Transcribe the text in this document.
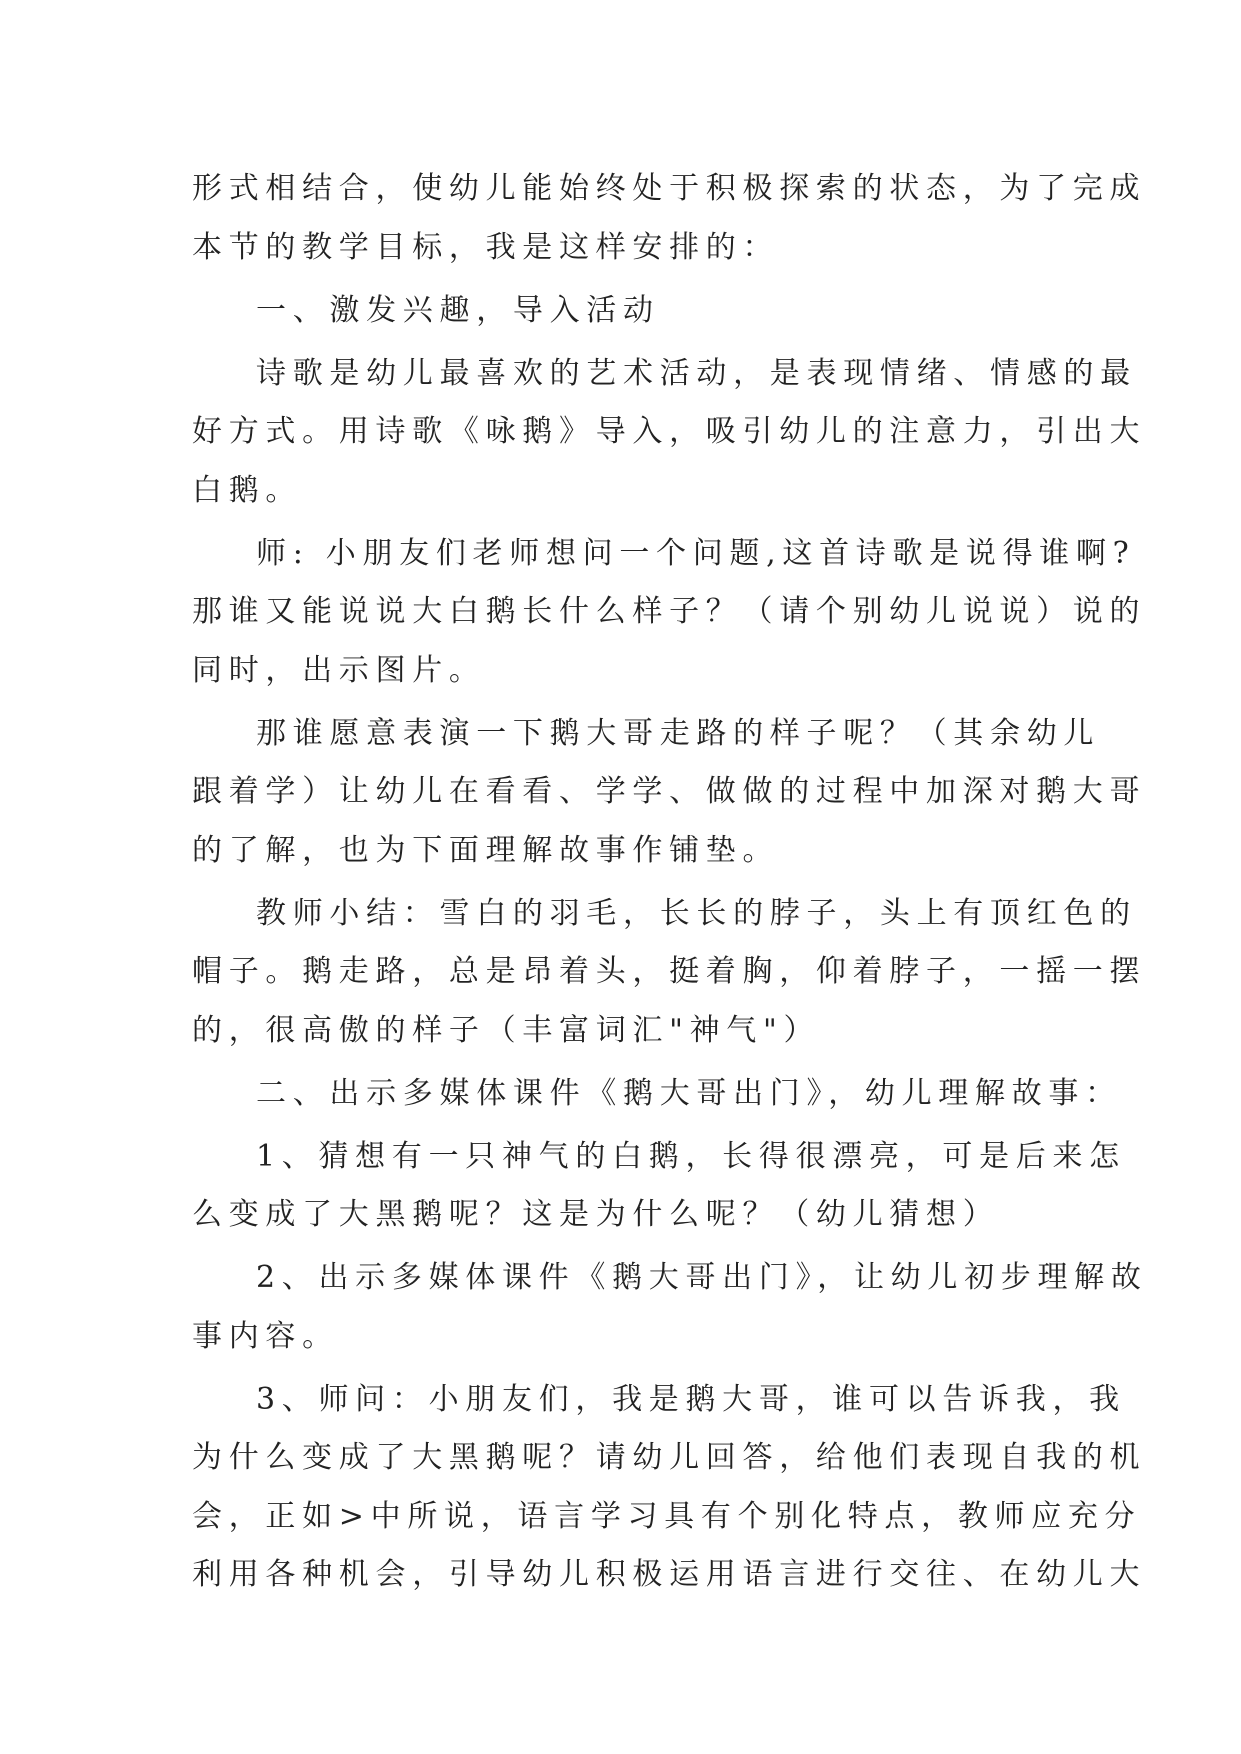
形式相结合，使幼儿能始终处于积极探索的状态，为了完成

本节的教学目标，我是这样安排的：

一、激发兴趣，导入活动

诗歌是幼儿最喜欢的艺术活动，是表现情绪、情感的最

好方式。用诗歌《咏鹅》导入，吸引幼儿的注意力，引出大

白鹅。

师: 小朋友们老师想问一个问题,这首诗歌是说得谁啊?

那谁又能说说大白鹅长什么样子？（请个别幼儿说说）说的

同时，出示图片。

那谁愿意表演一下鹅大哥走路的样子呢？（其余幼儿

跟着学）让幼儿在看看、学学、做做的过程中加深对鹅大哥

的了解，也为下面理解故事作铺垫。

教师小结：雪白的羽毛，长长的脖子，头上有顶红色的

帽子。鹅走路，总是昂着头，挺着胸，仰着脖子，一摇一摆

的，很高傲的样子（丰富词汇"神气"）

二、出示多媒体课件《鹅大哥出门》，幼儿理解故事：

1、猜想有一只神气的白鹅，长得很漂亮，可是后来怎

么变成了大黑鹅呢？这是为什么呢？（幼儿猜想）

2、出示多媒体课件《鹅大哥出门》，让幼儿初步理解故

事内容。

3、师问：小朋友们，我是鹅大哥，谁可以告诉我，我

为什么变成了大黑鹅呢？请幼儿回答，给他们表现自我的机

会，正如>中所说，语言学习具有个别化特点，教师应充分

利用各种机会，引导幼儿积极运用语言进行交往、在幼儿大
